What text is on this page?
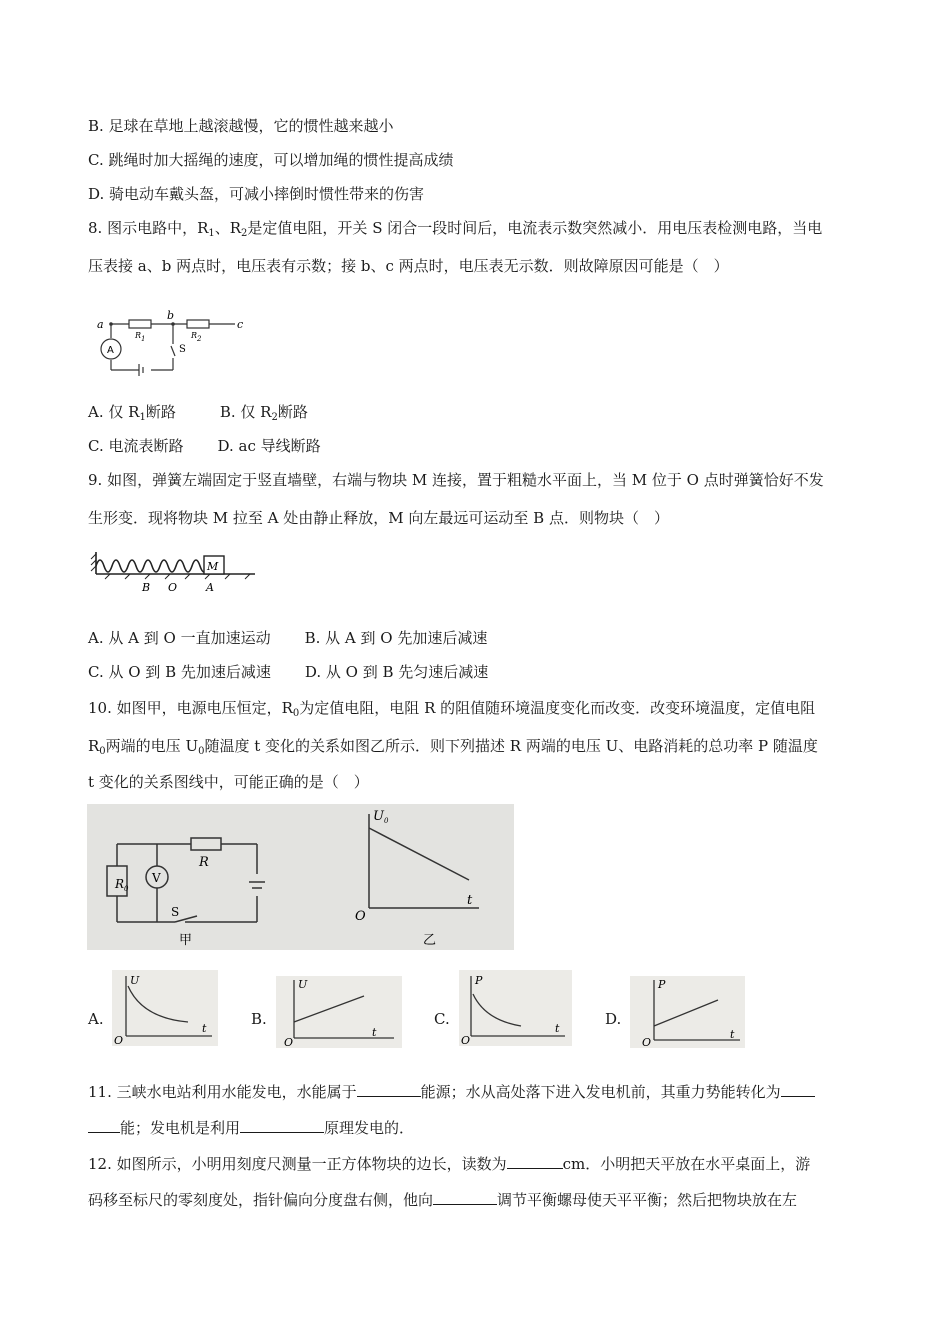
B. 足球在草地上越滚越慢，它的惯性越来越小
C. 跳绳时加大摇绳的速度，可以增加绳的惯性提高成绩
D. 骑电动车戴头盔，可减小摔倒时惯性带来的伤害
8. 图示电路中，$R_1$、$R_2$是定值电阻，开关 S 闭合一段时间后，电流表示数突然减小．用电压表检测电路，当电
压表接 a、b 两点时，电压表有示数；接 b、c 两点时，电压表无示数．则故障原因可能是（　）
A
a
b
c
R1	R2
S
A. 仅 $R_1$断路	B. 仅 $R_2$断路
C. 电流表断路 D. ac 导线断路
9. 如图，弹簧左端固定于竖直墙壁，右端与物块 M 连接，置于粗糙水平面上，当 M 位于 O 点时弹簧恰好不发
生形变．现将物块 M 拉至 A 处由静止释放，M 向左最远可运动至 B 点．则物块（　）
M
B O	A
A. 从 A 到 O 一直加速运动 B. 从 A 到 O 先加速后减速
C. 从 O 到 B 先加速后减速 D. 从 O 到 B 先匀速后减速
10. 如图甲，电源电压恒定，$R_0$为定值电阻，电阻 R 的阻值随环境温度变化而改变．改变环境温度，定值电阻
$R_0$两端的电压 $U_0$随温度 t 变化的关系如图乙所示．则下列描述 R 两端的电压 U、电路消耗的总功率 P 随温度
t 变化的关系图线中，可能正确的是（　）
V
$R_0$
R
S
甲
$U_0$
O
t
乙
A.
U
O
t
B.
U
O
t
C.
P
O
t
D.
P
O
t
11. 三峡水电站利用水能发电，水能属于	能源；水从高处落下进入发电机前，其重力势能转化为
能；发电机是利用	原理发电的．
12. 如图所示，小明用刻度尺测量一正方体物块的边长，读数为	cm．小明把天平放在水平桌面上，游
码移至标尺的零刻度处，指针偏向分度盘右侧，他向	调节平衡螺母使天平平衡；然后把物块放在左
